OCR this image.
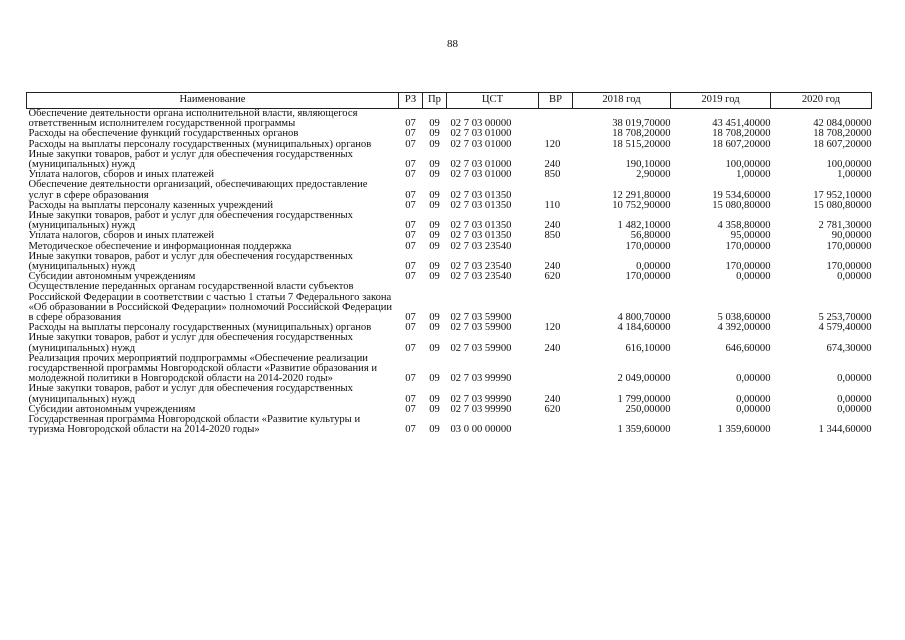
88
Наименование	РЗ	Пр	ЦСТ	ВР	2018 год	2019 год	2020 год
Обеспечение деятельности органа исполнительной власти, являющегося ответственным исполнителем государственной программы	07	09	02 7 03 00000		38 019,70000	43 451,40000	42 084,00000
Расходы на обеспечение функций государственных органов	07	09	02 7 03 01000		18 708,20000	18 708,20000	18 708,20000
Расходы на выплаты персоналу государственных (муниципальных) органов	07	09	02 7 03 01000	120	18 515,20000	18 607,20000	18 607,20000
Иные закупки товаров, работ и услуг для обеспечения государственных (муниципальных) нужд	07	09	02 7 03 01000	240	190,10000	100,00000	100,00000
Уплата налогов, сборов и иных платежей	07	09	02 7 03 01000	850	2,90000	1,00000	1,00000
Обеспечение деятельности организаций, обеспечивающих предоставление услуг в сфере образования	07	09	02 7 03 01350		12 291,80000	19 534,60000	17 952,10000
Расходы на выплаты персоналу казенных учреждений	07	09	02 7 03 01350	110	10 752,90000	15 080,80000	15 080,80000
Иные закупки товаров, работ и услуг для обеспечения государственных (муниципальных) нужд	07	09	02 7 03 01350	240	1 482,10000	4 358,80000	2 781,30000
Уплата налогов, сборов и иных платежей	07	09	02 7 03 01350	850	56,80000	95,00000	90,00000
Методическое обеспечение и информационная поддержка	07	09	02 7 03 23540		170,00000	170,00000	170,00000
Иные закупки товаров, работ и услуг для обеспечения государственных (муниципальных) нужд	07	09	02 7 03 23540	240	0,00000	170,00000	170,00000
Субсидии автономным учреждениям	07	09	02 7 03 23540	620	170,00000	0,00000	0,00000
Осуществление переданных органам государственной власти субъектов Российской Федерации в соответствии с частью 1 статьи 7 Федерального закона «Об образовании в Российской Федерации» полномочий Российской Федерации в сфере образования	07	09	02 7 03 59900		4 800,70000	5 038,60000	5 253,70000
Расходы на выплаты персоналу государственных (муниципальных) органов	07	09	02 7 03 59900	120	4 184,60000	4 392,00000	4 579,40000
Иные закупки товаров, работ и услуг для обеспечения государственных (муниципальных) нужд	07	09	02 7 03 59900	240	616,10000	646,60000	674,30000
Реализация прочих мероприятий подпрограммы «Обеспечение реализации государственной программы Новгородской области «Развитие образования и молодежной политики в Новгородской области на 2014-2020 годы»	07	09	02 7 03 99990		2 049,00000	0,00000	0,00000
Иные закупки товаров, работ и услуг для обеспечения государственных (муниципальных) нужд	07	09	02 7 03 99990	240	1 799,00000	0,00000	0,00000
Субсидии автономным учреждениям	07	09	02 7 03 99990	620	250,00000	0,00000	0,00000
Государственная программа Новгородской области «Развитие культуры и туризма Новгородской области на 2014-2020 годы»	07	09	03 0 00 00000		1 359,60000	1 359,60000	1 344,60000
